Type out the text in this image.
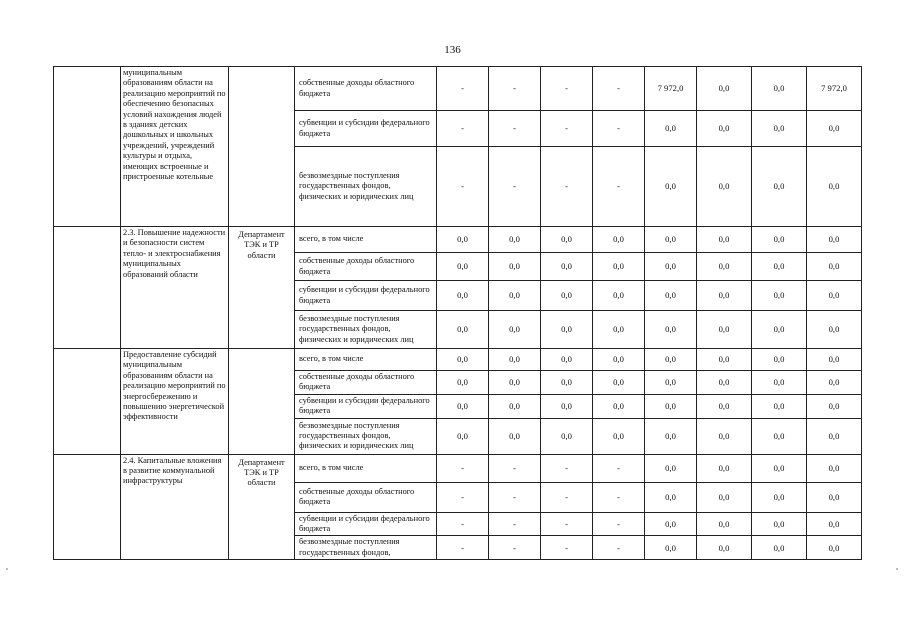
136
	муниципальным образованиям области на реализацию мероприятий по обеспечению безопасных условий нахождения людей в зданиях детских дошкольных и школьных учреждений, учреждений культуры и отдыха, имеющих встроенные и пристроенные котельные		собственные доходы областного бюджета	-	-	-	-	7 972,0	0,0	0,0	7 972,0
			субвенции и субсидии федерального бюджета	-	-	-	-	0,0	0,0	0,0	0,0
			безвозмездные поступления государственных фондов, физических и юридических лиц	-	-	-	-	0,0	0,0	0,0	0,0
	2.3. Повышение надежности и безопасности систем тепло- и электроснабжения муниципальных образований области	Департамент ТЭК и ТР области	всего, в том числе	0,0	0,0	0,0	0,0	0,0	0,0	0,0	0,0
			собственные доходы областного бюджета	0,0	0,0	0,0	0,0	0,0	0,0	0,0	0,0
			субвенции и субсидии федерального бюджета	0,0	0,0	0,0	0,0	0,0	0,0	0,0	0,0
			безвозмездные поступления государственных фондов, физических и юридических лиц	0,0	0,0	0,0	0,0	0,0	0,0	0,0	0,0
	Предоставление субсидий муниципальным образованиям области на реализацию мероприятий по энергосбережению и повышению энергетической эффективности		всего, в том числе	0,0	0,0	0,0	0,0	0,0	0,0	0,0	0,0
			собственные доходы областного бюджета	0,0	0,0	0,0	0,0	0,0	0,0	0,0	0,0
			субвенции и субсидии федерального бюджета	0,0	0,0	0,0	0,0	0,0	0,0	0,0	0,0
			безвозмездные поступления государственных фондов, физических и юридических лиц	0,0	0,0	0,0	0,0	0,0	0,0	0,0	0,0
	2.4. Капитальные вложения в развитие коммунальной инфраструктуры	Департамент ТЭК и ТР области	всего, в том числе	-	-	-	-	0,0	0,0	0,0	0,0
			собственные доходы областного бюджета	-	-	-	-	0,0	0,0	0,0	0,0
			субвенции и субсидии федерального бюджета	-	-	-	-	0,0	0,0	0,0	0,0
			безвозмездные поступления государственных фондов,	-	-	-	-	0,0	0,0	0,0	0,0
